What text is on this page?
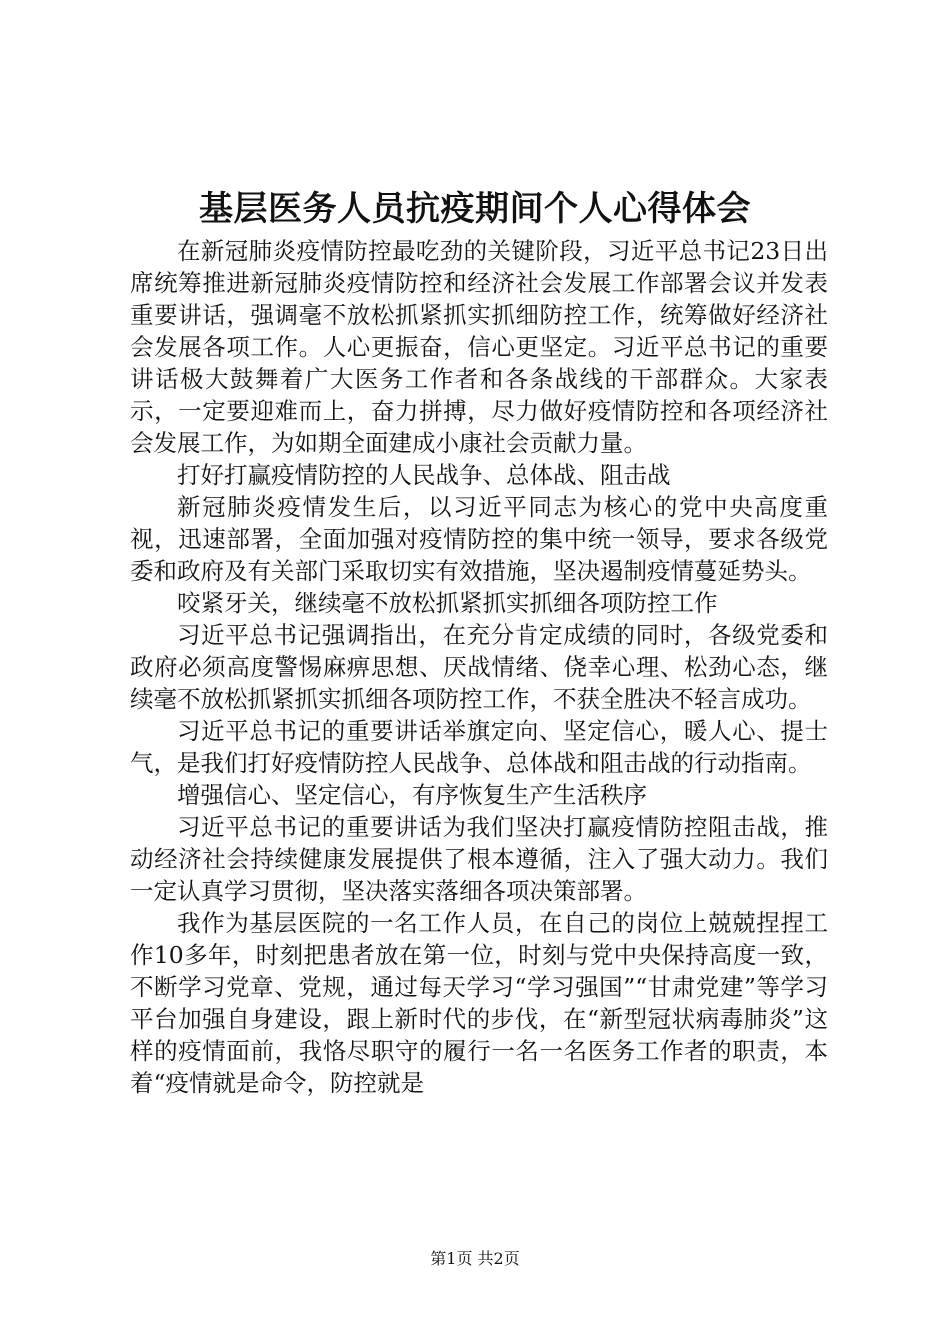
基层医务人员抗疫期间个人心得体会

在新冠肺炎疫情防控最吃劲的关键阶段，习近平总书记23日出席统筹推进新冠肺炎疫情防控和经济社会发展工作部署会议并发表重要讲话，强调毫不放松抓紧抓实抓细防控工作，统筹做好经济社会发展各项工作。人心更振奋，信心更坚定。习近平总书记的重要讲话极大鼓舞着广大医务工作者和各条战线的干部群众。大家表示，一定要迎难而上，奋力拼搏，尽力做好疫情防控和各项经济社会发展工作，为如期全面建成小康社会贡献力量。

打好打赢疫情防控的人民战争、总体战、阻击战

新冠肺炎疫情发生后，以习近平同志为核心的党中央高度重视，迅速部署，全面加强对疫情防控的集中统一领导，要求各级党委和政府及有关部门采取切实有效措施，坚决遏制疫情蔓延势头。

咬紧牙关，继续毫不放松抓紧抓实抓细各项防控工作

习近平总书记强调指出，在充分肯定成绩的同时，各级党委和政府必须高度警惕麻痹思想、厌战情绪、侥幸心理、松劲心态，继续毫不放松抓紧抓实抓细各项防控工作，不获全胜决不轻言成功。

习近平总书记的重要讲话举旗定向、坚定信心，暖人心、提士气，是我们打好疫情防控人民战争、总体战和阻击战的行动指南。

增强信心、坚定信心，有序恢复生产生活秩序

习近平总书记的重要讲话为我们坚决打赢疫情防控阻击战，推动经济社会持续健康发展提供了根本遵循，注入了强大动力。我们一定认真学习贯彻，坚决落实落细各项决策部署。

我作为基层医院的一名工作人员，在自己的岗位上兢兢捏捏工作10多年，时刻把患者放在第一位，时刻与党中央保持高度一致，不断学习党章、党规，通过每天学习“学习强国”“甘肃党建”等学习平台加强自身建设，跟上新时代的步伐，在“新型冠状病毒肺炎”这样的疫情面前，我恪尽职守的履行一名一名医务工作者的职责，本着“疫情就是命令，防控就是

第1页 共2页
